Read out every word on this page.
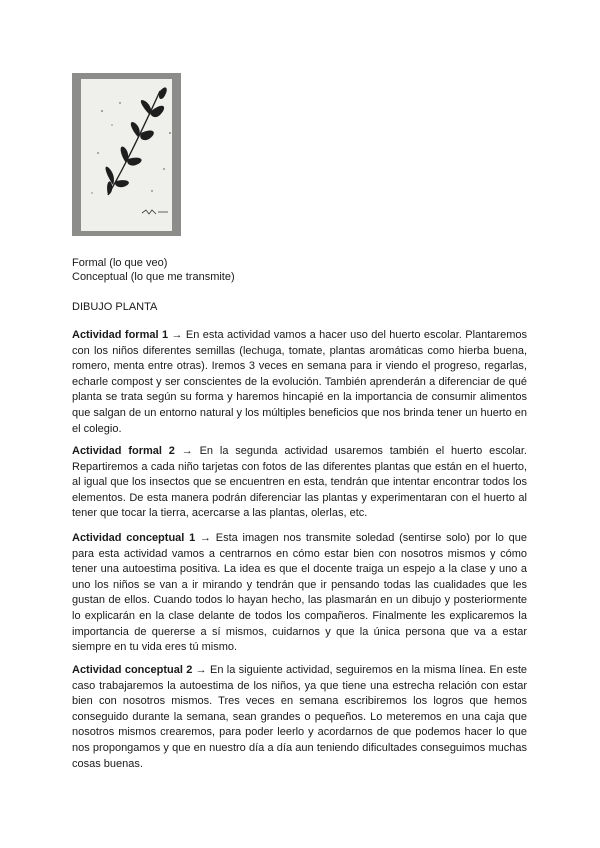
Formal (lo que veo)
Conceptual (lo que me transmite)
DIBUJO PLANTA

Actividad formal 1 → En esta actividad vamos a hacer uso del huerto escolar. Plantaremos con los niños diferentes semillas (lechuga, tomate, plantas aromáticas como hierba buena, romero, menta entre otras). Iremos 3 veces en semana para ir viendo el progreso, regarlas, echarle compost y ser conscientes de la evolución. También aprenderán a diferenciar de qué planta se trata según su forma y haremos hincapié en la importancia de consumir alimentos que salgan de un entorno natural y los múltiples beneficios que nos brinda tener un huerto en el colegio.

Actividad formal 2 → En la segunda actividad usaremos también el huerto escolar. Repartiremos a cada niño tarjetas con fotos de las diferentes plantas que están en el huerto, al igual que los insectos que se encuentren en esta, tendrán que intentar encontrar todos los elementos. De esta manera podrán diferenciar las plantas y experimentaran con el huerto al tener que tocar la tierra, acercarse a las plantas, olerlas, etc.

Actividad conceptual 1 → Esta imagen nos transmite soledad (sentirse solo) por lo que para esta actividad vamos a centrarnos en cómo estar bien con nosotros mismos y cómo tener una autoestima positiva. La idea es que el docente traiga un espejo a la clase y uno a uno los niños se van a ir mirando y tendrán que ir pensando todas las cualidades que les gustan de ellos. Cuando todos lo hayan hecho, las plasmarán en un dibujo y posteriormente lo explicarán en la clase delante de todos los compañeros. Finalmente les explicaremos la importancia de quererse a sí mismos, cuidarnos y que la única persona que va a estar siempre en tu vida eres tú mismo.

Actividad conceptual 2 → En la siguiente actividad, seguiremos en la misma línea. En este caso trabajaremos la autoestima de los niños, ya que tiene una estrecha relación con estar bien con nosotros mismos. Tres veces en semana escribiremos los logros que hemos conseguido durante la semana, sean grandes o pequeños. Lo meteremos en una caja que nosotros mismos crearemos, para poder leerlo y acordarnos de que podemos hacer lo que nos propongamos y que en nuestro día a día aun teniendo dificultades conseguimos muchas cosas buenas.
